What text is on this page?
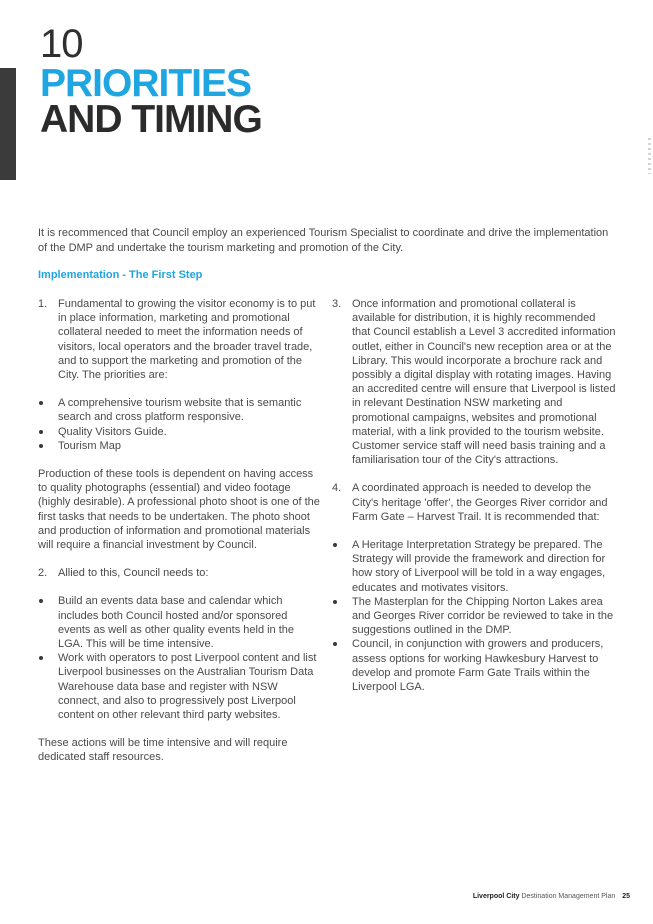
10
PRIORITIES
AND TIMING

It is recommenced that Council employ an experienced Tourism Specialist to coordinate and drive the implementation of the DMP and undertake the tourism marketing and promotion of the City.

Implementation - The First Step

1. Fundamental to growing the visitor economy is to put in place information, marketing and promotional collateral needed to meet the information needs of visitors, local operators and the broader travel trade, and to support the marketing and promotion of the City. The priorities are:
A comprehensive tourism website that is semantic search and cross platform responsive.
Quality Visitors Guide.
Tourism Map

Production of these tools is dependent on having access to quality photographs (essential) and video footage (highly desirable). A professional photo shoot is one of the first tasks that needs to be undertaken. The photo shoot and production of information and promotional materials will require a financial investment by Council.

2. Allied to this, Council needs to:
Build an events data base and calendar which includes both Council hosted and/or sponsored events as well as other quality events held in the LGA. This will be time intensive.
Work with operators to post Liverpool content and list Liverpool businesses on the Australian Tourism Data Warehouse data base and register with NSW connect, and also to progressively post Liverpool content on other relevant third party websites.

These actions will be time intensive and will require dedicated staff resources.

3. Once information and promotional collateral is available for distribution, it is highly recommended that Council establish a Level 3 accredited information outlet, either in Council's new reception area or at the Library. This would incorporate a brochure rack and possibly a digital display with rotating images. Having an accredited centre will ensure that Liverpool is listed in relevant Destination NSW marketing and promotional campaigns, websites and promotional material, with a link provided to the tourism website. Customer service staff will need basis training and a familiarisation tour of the City's attractions.
4. A coordinated approach is needed to develop the City's heritage 'offer', the Georges River corridor and Farm Gate – Harvest Trail. It is recommended that:
A Heritage Interpretation Strategy be prepared. The Strategy will provide the framework and direction for how story of Liverpool will be told in a way engages, educates and motivates visitors.
The Masterplan for the Chipping Norton Lakes area and Georges River corridor be reviewed to take in the suggestions outlined in the DMP.
Council, in conjunction with growers and producers, assess options for working Hawkesbury Harvest to develop and promote Farm Gate Trails within the Liverpool LGA.
Liverpool City Destination Management Plan 25
